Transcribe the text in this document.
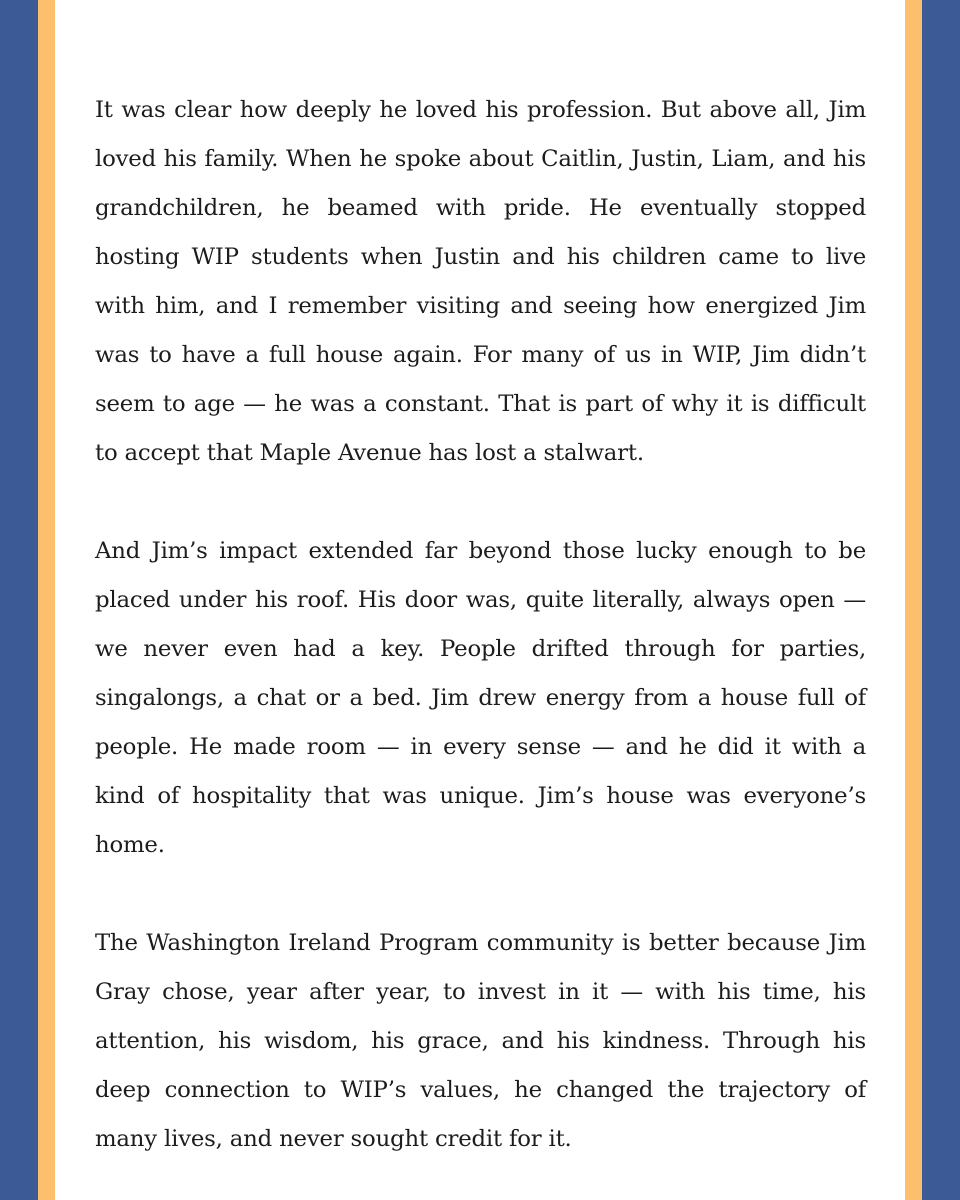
It was clear how deeply he loved his profession. But above all, Jim loved his family. When he spoke about Caitlin, Justin, Liam, and his grandchildren, he beamed with pride. He eventually stopped hosting WIP students when Justin and his children came to live with him, and I remember visiting and seeing how energized Jim was to have a full house again. For many of us in WIP, Jim didn’t seem to age — he was a constant. That is part of why it is difficult to accept that Maple Avenue has lost a stalwart.

And Jim’s impact extended far beyond those lucky enough to be placed under his roof. His door was, quite literally, always open — we never even had a key. People drifted through for parties, singalongs, a chat or a bed. Jim drew energy from a house full of people. He made room — in every sense — and he did it with a kind of hospitality that was unique. Jim’s house was everyone’s home.

The Washington Ireland Program community is better because Jim Gray chose, year after year, to invest in it — with his time, his attention, his wisdom, his grace, and his kindness. Through his deep connection to WIP’s values, he changed the trajectory of many lives, and never sought credit for it.
